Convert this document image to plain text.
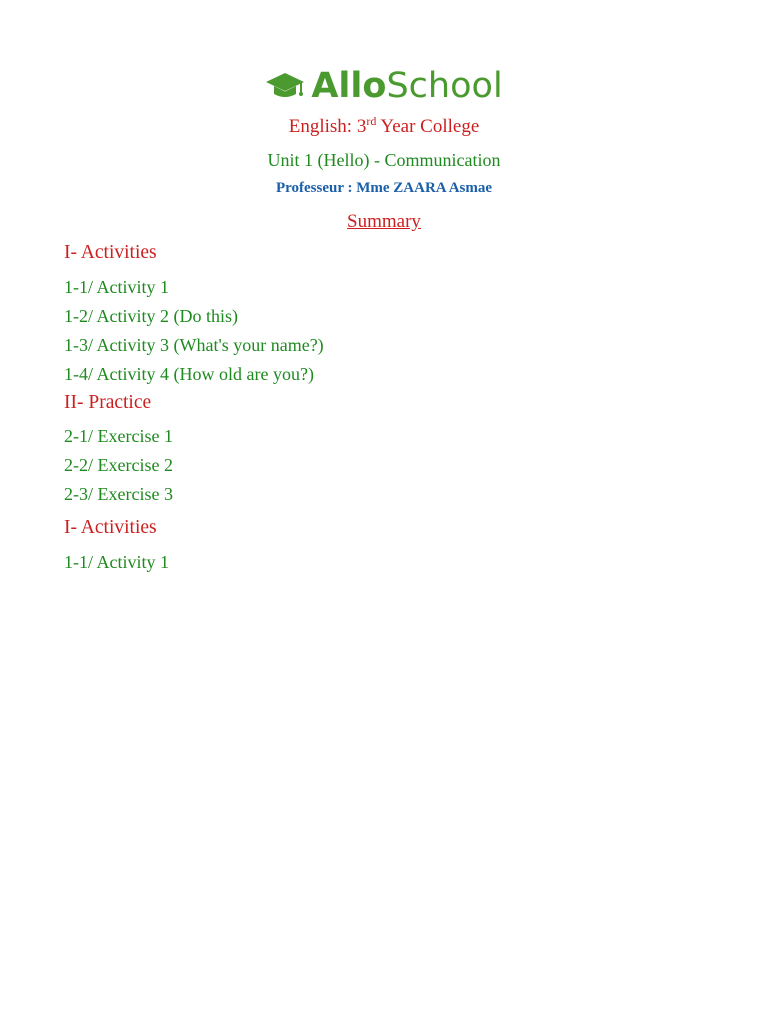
AlloSchool
English: 3rd Year College
Unit 1 (Hello) - Communication
Professeur : Mme ZAARA Asmae
Summary
I- Activities
1-1/ Activity 1
1-2/ Activity 2 (Do this)
1-3/ Activity 3 (What's your name?)
1-4/ Activity 4 (How old are you?)
II- Practice
2-1/ Exercise 1
2-2/ Exercise 2
2-3/ Exercise 3
I- Activities
1-1/ Activity 1
